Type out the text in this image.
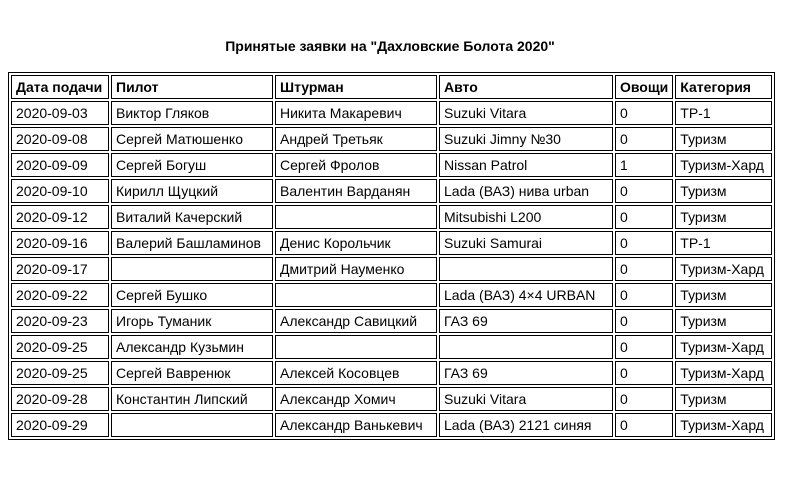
Принятые заявки на "Дахловские Болота 2020"
Дата подачи	Пилот	Штурман	Авто	Овощи	Категория
2020-09-03	Виктор Гляков	Никита Макаревич	Suzuki Vitara	0	TP-1
2020-09-08	Сергей Матюшенко	Андрей Третьяк	Suzuki Jimny №30	0	Туризм
2020-09-09	Сергей Богуш	Сергей Фролов	Nissan Patrol	1	Туризм-Хард
2020-09-10	Кирилл Щуцкий	Валентин Варданян	Lada (ВАЗ) нива urban	0	Туризм
2020-09-12	Виталий Качерский		Mitsubishi L200	0	Туризм
2020-09-16	Валерий Башламинов	Денис Корольчик	Suzuki Samurai	0	TP-1
2020-09-17		Дмитрий Науменко		0	Туризм-Хард
2020-09-22	Сергей Бушко		Lada (ВАЗ) 4×4 URBAN	0	Туризм
2020-09-23	Игорь Туманик	Александр Савицкий	ГАЗ 69	0	Туризм
2020-09-25	Александр Кузьмин			0	Туризм-Хард
2020-09-25	Сергей Вавренюк	Алексей Косовцев	ГАЗ 69	0	Туризм-Хард
2020-09-28	Константин Липский	Александр Хомич	Suzuki Vitara	0	Туризм
2020-09-29		Александр Ванькевич	Lada (ВАЗ) 2121 синяя	0	Туризм-Хард
